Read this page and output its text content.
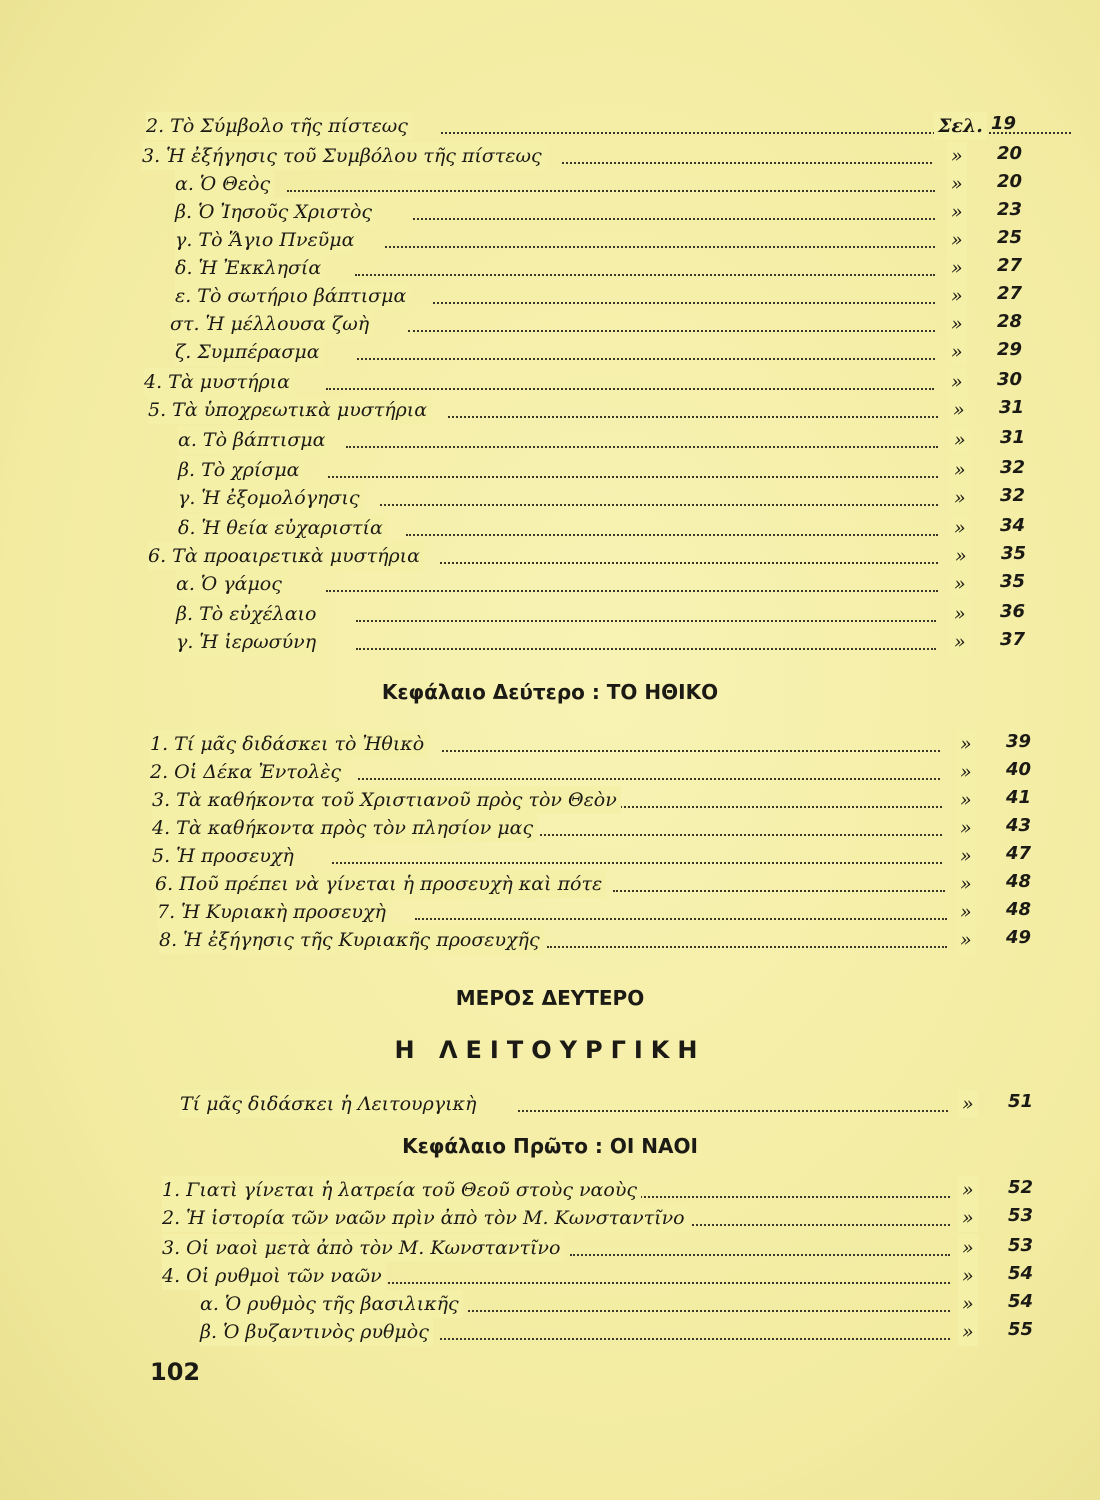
2. Τὸ Σύμβολο τῆς πίστεως	Σελ. 19
3. Ἡ ἐξήγησις τοῦ Συμβόλου τῆς πίστεως	» 20
α. Ὁ Θεὸς	» 20
β. Ὁ Ἰησοῦς Χριστὸς	» 23
γ. Τὸ Ἅγιο Πνεῦμα	» 25
δ. Ἡ Ἐκκλησία	» 27
ε. Τὸ σωτήριο βάπτισμα	» 27
στ. Ἡ μέλλουσα ζωὴ	» 28
ζ. Συμπέρασμα	» 29
4. Τὰ μυστήρια	» 30
5. Τὰ ὑποχρεωτικὰ μυστήρια	» 31
α. Τὸ βάπτισμα	» 31
β. Τὸ χρίσμα	» 32
γ. Ἡ ἐξομολόγησις	» 32
δ. Ἡ θεία εὐχαριστία	» 34
6. Τὰ προαιρετικὰ μυστήρια	» 35
α. Ὁ γάμος	» 35
β. Τὸ εὐχέλαιο	» 36
γ. Ἡ ἱερωσύνη	» 37
Κεφάλαιο Δεύτερο : ΤΟ ΗΘΙΚΟ
1. Τί μᾶς διδάσκει τὸ Ἠθικὸ	» 39
2. Οἱ Δέκα Ἐντολὲς	» 40
3. Τὰ καθήκοντα τοῦ Χριστιανοῦ πρὸς τὸν Θεὸν	» 41
4. Τὰ καθήκοντα πρὸς τὸν πλησίον μας	» 43
5. Ἡ προσευχὴ	» 47
6. Ποῦ πρέπει νὰ γίνεται ἡ προσευχὴ καὶ πότε	» 48
7. Ἡ Κυριακὴ προσευχὴ	» 48
8. Ἡ ἐξήγησις τῆς Κυριακῆς προσευχῆς	» 49
ΜΕΡΟΣ ΔΕΥΤΕΡΟ
Η ΛΕΙΤΟΥΡΓΙΚΗ
Τί μᾶς διδάσκει ἡ Λειτουργικὴ	» 51
Κεφάλαιο Πρῶτο : ΟΙ ΝΑΟΙ
1. Γιατὶ γίνεται ἡ λατρεία τοῦ Θεοῦ στοὺς ναοὺς	» 52
2. Ἡ ἱστορία τῶν ναῶν πρὶν ἀπὸ τὸν Μ. Κωνσταντῖνο	» 53
3. Οἱ ναοὶ μετὰ ἀπὸ τὸν Μ. Κωνσταντῖνο	» 53
4. Οἱ ρυθμοὶ τῶν ναῶν	» 54
α. Ὁ ρυθμὸς τῆς βασιλικῆς	» 54
β. Ὁ βυζαντινὸς ρυθμὸς	» 55
102
